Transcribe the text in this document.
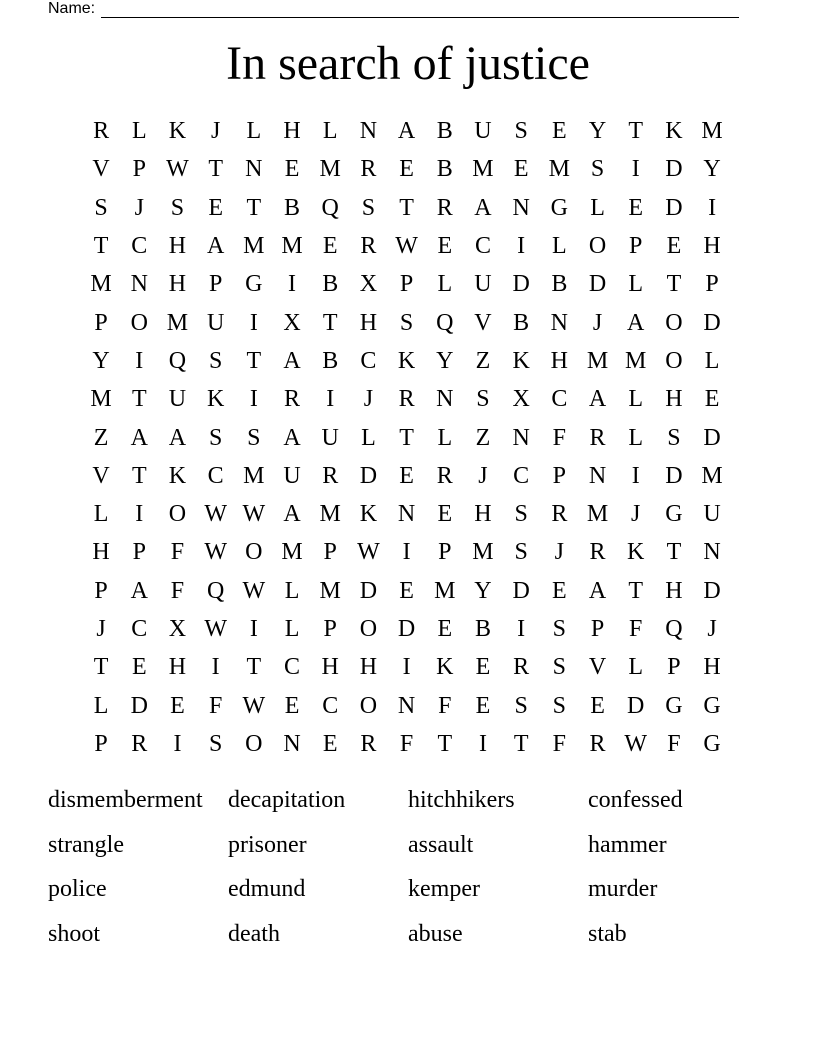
Name:
In search of justice
R L K	J	L H L N A B U S	E Y T K M
V P W T N E M R E B M E M S	I	D Y
S	J	S	E T B Q S	T R A N G L E D	I
T C H A M M E R W E C	I	L O P	E H
M N H P G	I	B X P	L U D B D L T	P
P O M U	I	X T H S Q V B N	J	A O D
Y	I	Q S	T A B C K Y Z K H M M O L
M T U K	I	R	I	J	R N S X C A L H E
Z A A S	S A U L T L Z N F R L	S D
V T K C M U R D E R	J	C P N	I	D M
L	I	O W W A M K N E H S R M J	G U
H P	F W O M P W I	P M S	J	R K T N
P A F Q W L M D E M Y D E A T H D
J	C X W I	L	P O D E B	I	S	P	F Q	J
T E H	I	T C H H	I	K E R S V L	P H
L D E	F W E C O N F	E	S	S	E D G G
P R	I	S O N E R F	T	I	T	F R W F G
dismemberment	decapitation	hitchhikers	confessed
strangle	prisoner	assault	hammer
police	edmund	kemper	murder
shoot	death	abuse	stab
